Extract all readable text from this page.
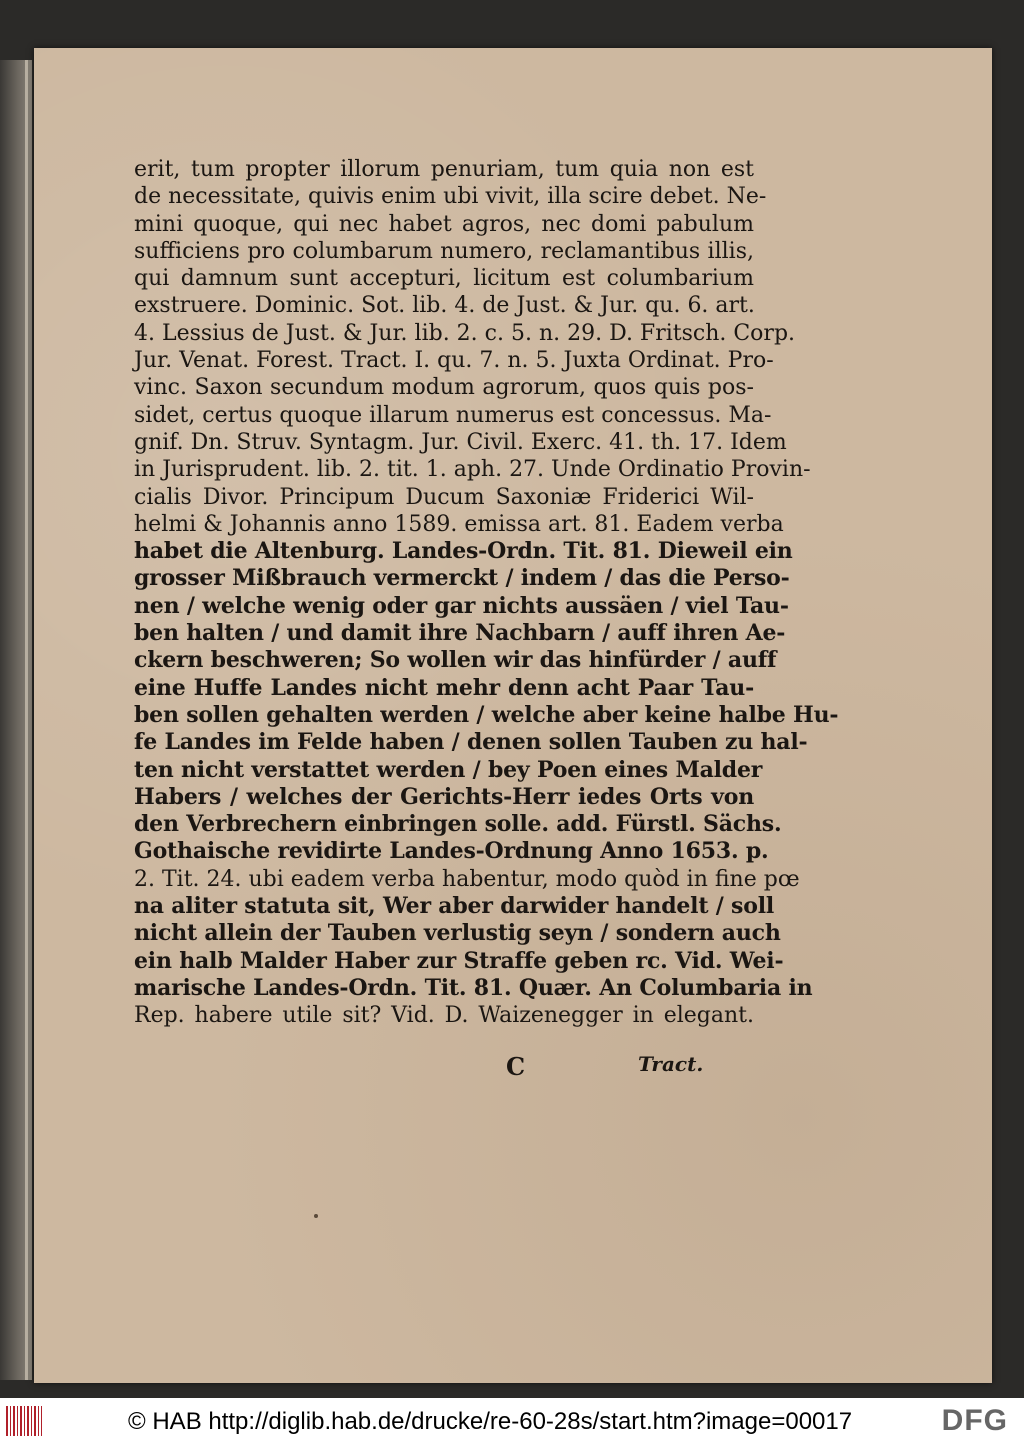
erit, tum propter illorum penuriam, tum quia non est
de necessitate, quivis enim ubi vivit, illa scire debet. Ne-
mini quoque, qui nec habet agros, nec domi pabulum
sufficiens pro columbarum numero, reclamantibus illis,
qui damnum sunt accepturi, licitum est columbarium
exstruere. Dominic. Sot. lib. 4. de Just. & Jur. qu. 6. art.
4. Lessius de Just. & Jur. lib. 2. c. 5. n. 29. D. Fritsch. Corp.
Jur. Venat. Forest. Tract. I. qu. 7. n. 5. Juxta Ordinat. Pro-
vinc. Saxon secundum modum agrorum, quos quis pos-
sidet, certus quoque illarum numerus est concessus. Ma-
gnif. Dn. Struv. Syntagm. Jur. Civil. Exerc. 41. th. 17. Idem
in Jurisprudent. lib. 2. tit. 1. aph. 27. Unde Ordinatio Provin-
cialis Divor. Principum Ducum Saxoniæ Friderici Wil-
helmi & Johannis anno 1589. emissa art. 81. Eadem verba
habet die Altenburg. Landes-Ordn. Tit. 81. Dieweil ein
grosser Mißbrauch vermerckt / indem / das die Perso-
nen / welche wenig oder gar nichts aussäen / viel Tau-
ben halten / und damit ihre Nachbarn / auff ihren Ae-
ckern beschweren; So wollen wir das hinfürder / auff
eine Huffe Landes nicht mehr denn acht Paar Tau-
ben sollen gehalten werden / welche aber keine halbe Hu-
fe Landes im Felde haben / denen sollen Tauben zu hal-
ten nicht verstattet werden / bey Poen eines Malder
Habers / welches der Gerichts-Herr iedes Orts von
den Verbrechern einbringen solle. add. Fürstl. Sächs.
Gothaische revidirte Landes-Ordnung Anno 1653. p.
2. Tit. 24. ubi eadem verba habentur, modo quòd in fine pœ
na aliter statuta sit, Wer aber darwider handelt / soll
nicht allein der Tauben verlustig seyn / sondern auch
ein halb Malder Haber zur Straffe geben rc. Vid. Wei-
marische Landes-Ordn. Tit. 81. Quær. An Columbaria in
Rep. habere utile sit? Vid. D. Waizenegger in elegant.
C	Tract.
© HAB http://diglib.hab.de/drucke/re-60-28s/start.htm?image=00017	DFG
